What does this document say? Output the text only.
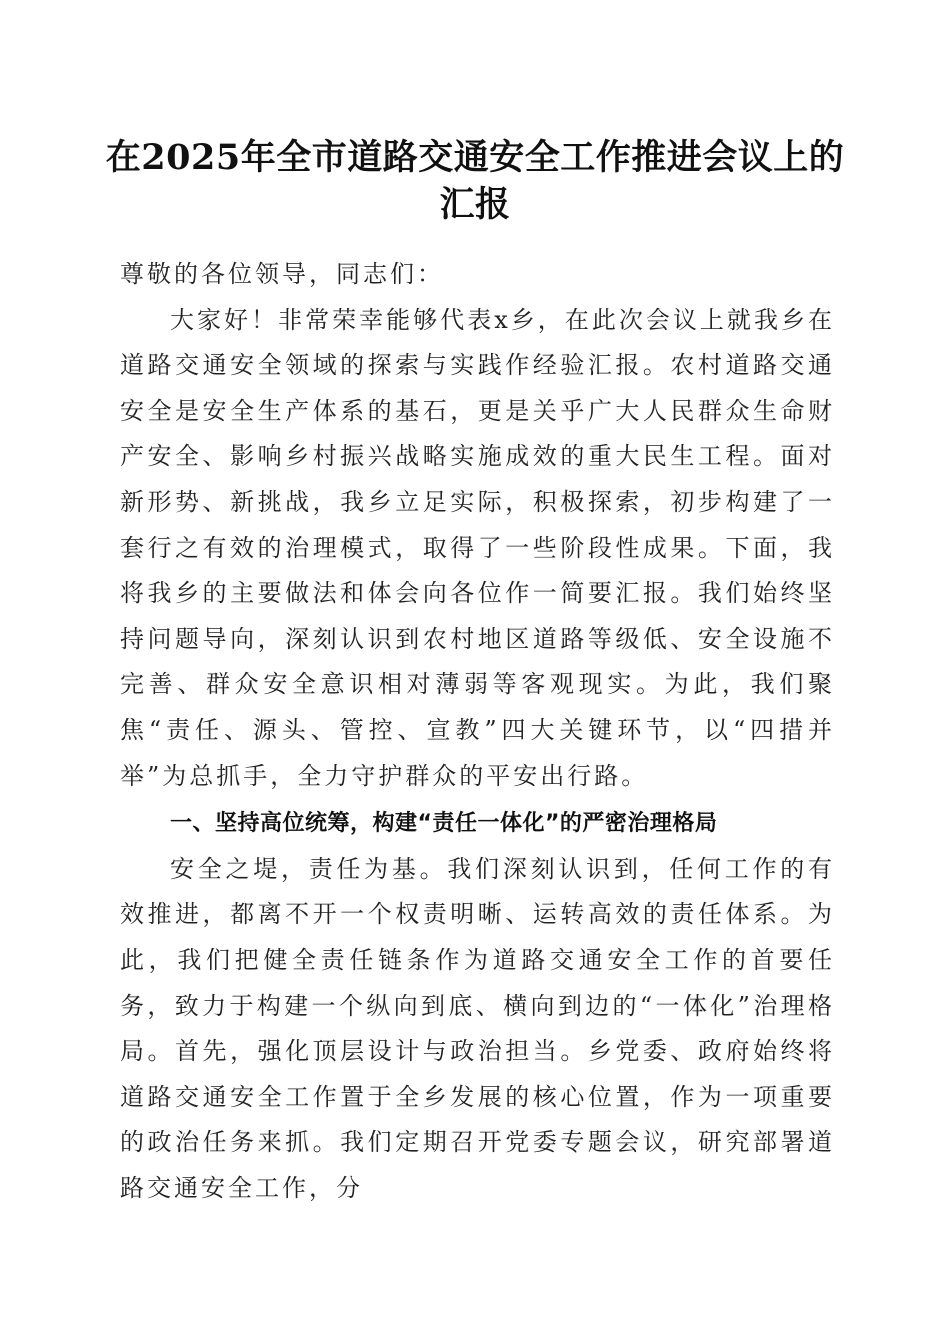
在2025年全市道路交通安全工作推进会议上的汇报

尊敬的各位领导，同志们：

大家好！非常荣幸能够代表x乡，在此次会议上就我乡在道路交通安全领域的探索与实践作经验汇报。农村道路交通安全是安全生产体系的基石，更是关乎广大人民群众生命财产安全、影响乡村振兴战略实施成效的重大民生工程。面对新形势、新挑战，我乡立足实际，积极探索，初步构建了一套行之有效的治理模式，取得了一些阶段性成果。下面，我将我乡的主要做法和体会向各位作一简要汇报。我们始终坚持问题导向，深刻认识到农村地区道路等级低、安全设施不完善、群众安全意识相对薄弱等客观现实。为此，我们聚焦“责任、源头、管控、宣教”四大关键环节，以“四措并举”为总抓手，全力守护群众的平安出行路。

一、坚持高位统筹，构建“责任一体化”的严密治理格局

安全之堤，责任为基。我们深刻认识到，任何工作的有效推进，都离不开一个权责明晰、运转高效的责任体系。为此，我们把健全责任链条作为道路交通安全工作的首要任务，致力于构建一个纵向到底、横向到边的“一体化”治理格局。首先，强化顶层设计与政治担当。乡党委、政府始终将道路交通安全工作置于全乡发展的核心位置，作为一项重要的政治任务来抓。我们定期召开党委专题会议，研究部署道路交通安全工作，分
